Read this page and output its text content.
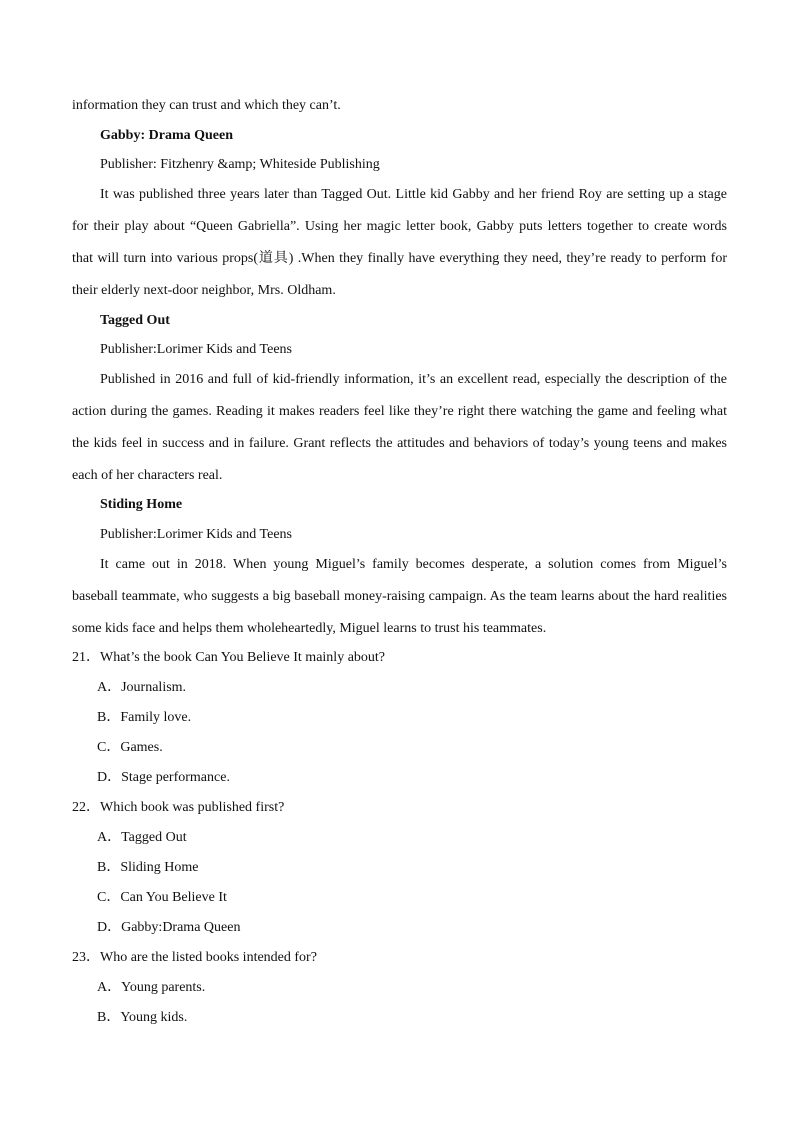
information they can trust and which they can’t.
Gabby: Drama Queen
Publisher: Fitzhenry &amp; Whiteside Publishing
It was published three years later than Tagged Out. Little kid Gabby and her friend Roy are setting up a stage
for their play about “Queen Gabriella”. Using her magic letter book, Gabby puts letters together to create words
that will turn into various props(道具) .When they finally have everything they need, they’re ready to perform for
their elderly next-door neighbor, Mrs. Oldham.
Tagged Out
Publisher:Lorimer Kids and Teens
Published in 2016 and full of kid-friendly information, it’s an excellent read, especially the description of the
action during the games. Reading it makes readers feel like they’re right there watching the game and feeling what
the kids feel in success and in failure. Grant reflects the attitudes and behaviors of today’s young teens and makes
each of her characters real.
Stiding Home
Publisher:Lorimer Kids and Teens
It came out in 2018. When young Miguel’s family becomes desperate, a solution comes from Miguel’s
baseball teammate, who suggests a big baseball money-raising campaign. As the team learns about the hard realities
some kids face and helps them wholeheartedly, Miguel learns to trust his teammates.
21．What’s the book Can You Believe It mainly about?
A．Journalism.
B．Family love.
C．Games.
D．Stage performance.
22．Which book was published first?
A．Tagged Out
B．Sliding Home
C．Can You Believe It
D．Gabby:Drama Queen
23．Who are the listed books intended for?
A．Young parents.
B．Young kids.
